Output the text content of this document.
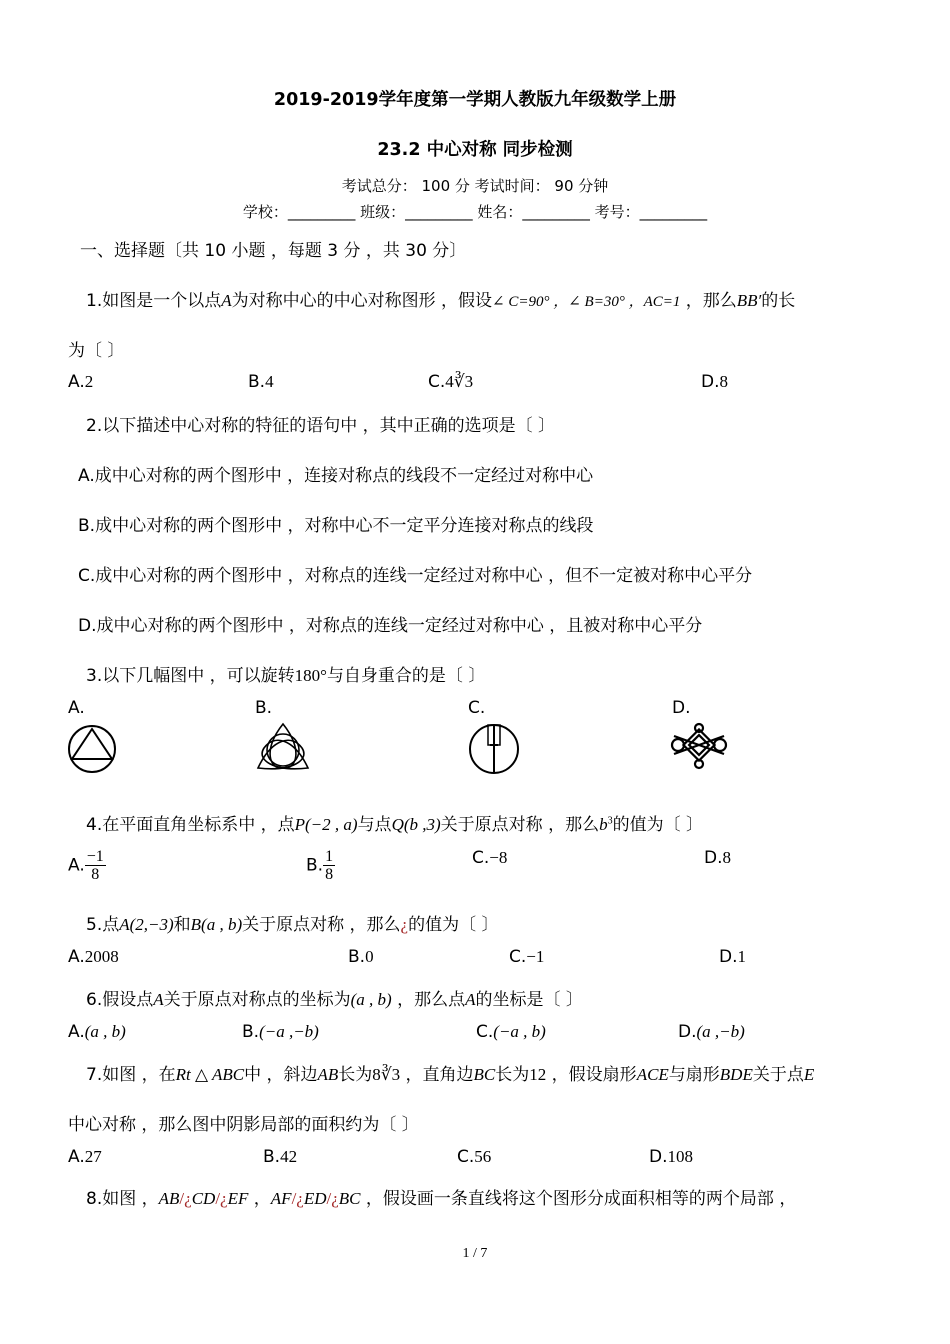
2019-2019学年度第一学期人教版九年级数学上册
23.2 中心对称 同步检测
考试总分： 100 分 考试时间： 90 分钟
学校：_________ 班级：_________ 姓名：_________ 考号：_________
一、选择题〔共 10 小题 ，每题 3 分 ，共 30 分〕
1.如图是一个以点A为对称中心的中心对称图形 ，假设∠ C=90° ，∠ B=30° ，AC=1 ，那么BB′的长
为〔 〕
A.2	B.4	C.4∛3	D.8
2.以下描述中心对称的特征的语句中 ，其中正确的选项是〔 〕
A.成中心对称的两个图形中 ，连接对称点的线段不一定经过对称中心
B.成中心对称的两个图形中 ，对称中心不一定平分连接对称点的线段
C.成中心对称的两个图形中 ，对称点的连线一定经过对称中心 ，但不一定被对称中心平分
D.成中心对称的两个图形中 ，对称点的连线一定经过对称中心 ，且被对称中心平分
3.以下几幅图中 ，可以旋转180°与自身重合的是〔 〕
A.	B.	C.	D.
4.在平面直角坐标系中 ，点P(−2 , a)与点Q(b ,3)关于原点对称 ，那么$b^3$的值为〔 〕
A. $\frac{-1}{8}$	B. $\frac{1}{8}$	C.−8	D.8
5.点A(2,−3)和B(a , b)关于原点对称 ，那么¿的值为〔 〕
A.2008	B.0	C.−1	D.1
6.假设点A关于原点对称点的坐标为(a , b) ，那么点A的坐标是〔 〕
A.(a , b)	B.(−a ,−b)	C.(−a , b)	D.(a ,−b)
7.如图 ，在Rt △ ABC中 ，斜边AB长为8∛3 ，直角边BC长为12 ，假设扇形ACE与扇形BDE关于点E
中心对称 ，那么图中阴影局部的面积约为〔 〕
A.27	B.42	C.56	D.108
8.如图 ，AB/¿CD/¿EF ，AF/¿ED/¿BC ，假设画一条直线将这个图形分成面积相等的两个局部 ，
1 / 7
